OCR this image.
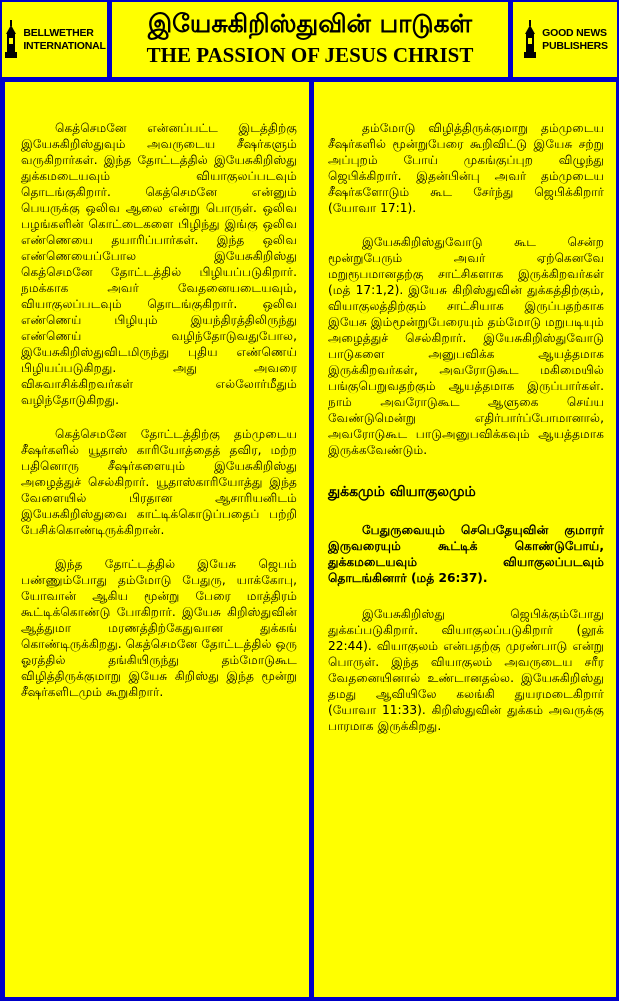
BELLWETHER
INTERNATIONAL
இயேசுகிறிஸ்துவின் பாடுகள்
THE PASSION OF JESUS CHRIST
GOOD NEWS
PUBLISHERS

கெத்செமனே என்னப்பட்ட இடத்திற்கு இயேசுகிறிஸ்துவும் அவருடைய சீஷர்களும் வருகிறார்கள். இந்த தோட்டத்தில் இயேசுகிறிஸ்து துக்கமடையவும் வியாகுலப்படவும் தொடங்குகிறார். கெத்செமனே என்னும் பெயருக்கு ஒலிவ ஆலை என்று பொருள். ஒலிவ பழங்களின் கொட்டைகளை பிழிந்து இங்கு ஒலிவ எண்ணெயை தயாரிப்பார்கள். இந்த ஒலிவ எண்ணெயைப்போல இயேசுகிறிஸ்து கெத்செமனே தோட்டத்தில் பிழியப்படுகிறார். நமக்காக அவர் வேதனையடையவும், வியாகுலப்படவும் தொடங்குகிறார். ஒலிவ எண்ணெய் பிழியும் இயந்திரத்திலிருந்து எண்ணெய் வழிந்தோடுவதுபோல, இயேசுகிறிஸ்துவிடமிருந்து புதிய எண்ணெய் பிழியப்படுகிறது. அது அவரை விசுவாசிக்கிறவர்கள் எல்லோர்மீதும் வழிந்தோடுகிறது.

கெத்செமனே தோட்டத்திற்கு தம்முடைய சீஷர்களில் யூதாஸ் காரியோத்தைத் தவிர, மற்ற பதினொரு சீஷர்களையும் இயேசுகிறிஸ்து அழைத்துச் செல்கிறார். யூதாஸ்காரியோத்து இந்த வேளையில் பிரதான ஆசாரியனிடம் இயேசுகிறிஸ்துவை காட்டிக்கொடுப்பதைப் பற்றி பேசிக்கொண்டிருக்கிறான்.

இந்த தோட்டத்தில் இயேசு ஜெபம் பண்ணும்போது தம்மோடு பேதுரு, யாக்கோபு, யோவான் ஆகிய மூன்று பேரை மாத்திரம் கூட்டிக்கொண்டு போகிறார். இயேசு கிறிஸ்துவின் ஆத்துமா மரணத்திற்கேதுவான துக்கங் கொண்டிருக்கிறது. கெத்செமனே தோட்டத்தில் ஒரு ஓரத்தில் தங்கியிருந்து தம்மோடுகூட விழித்திருக்குமாறு இயேசு கிறிஸ்து இந்த மூன்று சீஷர்களிடமும் கூறுகிறார்.

தம்மோடு விழித்திருக்குமாறு தம்முடைய சீஷர்களில் மூன்றுபேரை கூறிவிட்டு இயேசு சற்று அப்புறம் போய் முகங்குப்புற விழுந்து ஜெபிக்கிறார். இதன்பின்பு அவர் தம்முடைய சீஷர்களோடும் கூட சேர்ந்து ஜெபிக்கிறார் (யோவா 17:1).

இயேசுகிறிஸ்துவோடு கூட சென்ற மூன்றுபேரும் அவர் ஏற்கெனவே மறுரூபமானதற்கு சாட்சிகளாக இருக்கிறவர்கள் (மத் 17:1,2). இயேசு கிறிஸ்துவின் துக்கத்திற்கும், வியாகுலத்திற்கும் சாட்சியாக இருப்பதற்காக இயேசு இம்மூன்றுபேரையும் தம்மோடு மறுபடியும் அழைத்துச் செல்கிறார். இயேசுகிறிஸ்துவோடு பாடுகளை அனுபவிக்க ஆயத்தமாக இருக்கிறவர்கள், அவரோடுகூட மகிமையில் பங்குபெறுவதற்கும் ஆயத்தமாக இருப்பார்கள். நாம் அவரோடுகூட ஆளுகை செய்ய வேண்டுமென்று எதிர்பார்ப்போமானால், அவரோடுகூட பாடுஅனுபவிக்கவும் ஆயத்தமாக இருக்கவேண்டும்.

துக்கமும் வியாகுலமும்

பேதுருவையும் செபெதேயுவின் குமாரர் இருவரையும் கூட்டிக் கொண்டுபோய், துக்கமடையவும் வியாகுலப்படவும் தொடங்கினார் (மத் 26:37).

இயேசுகிறிஸ்து ஜெபிக்கும்போது துக்கப்படுகிறார். வியாகுலப்படுகிறார் (லூக் 22:44). வியாகுலம் என்பதற்கு முரண்பாடு என்று பொருள். இந்த வியாகுலம் அவருடைய சரீர வேதனையினால் உண்டானதல்ல. இயேசுகிறிஸ்து தமது ஆவியிலே கலங்கி துயரமடைகிறார் (யோவா 11:33). கிறிஸ்துவின் துக்கம் அவருக்கு பாரமாக இருக்கிறது.
